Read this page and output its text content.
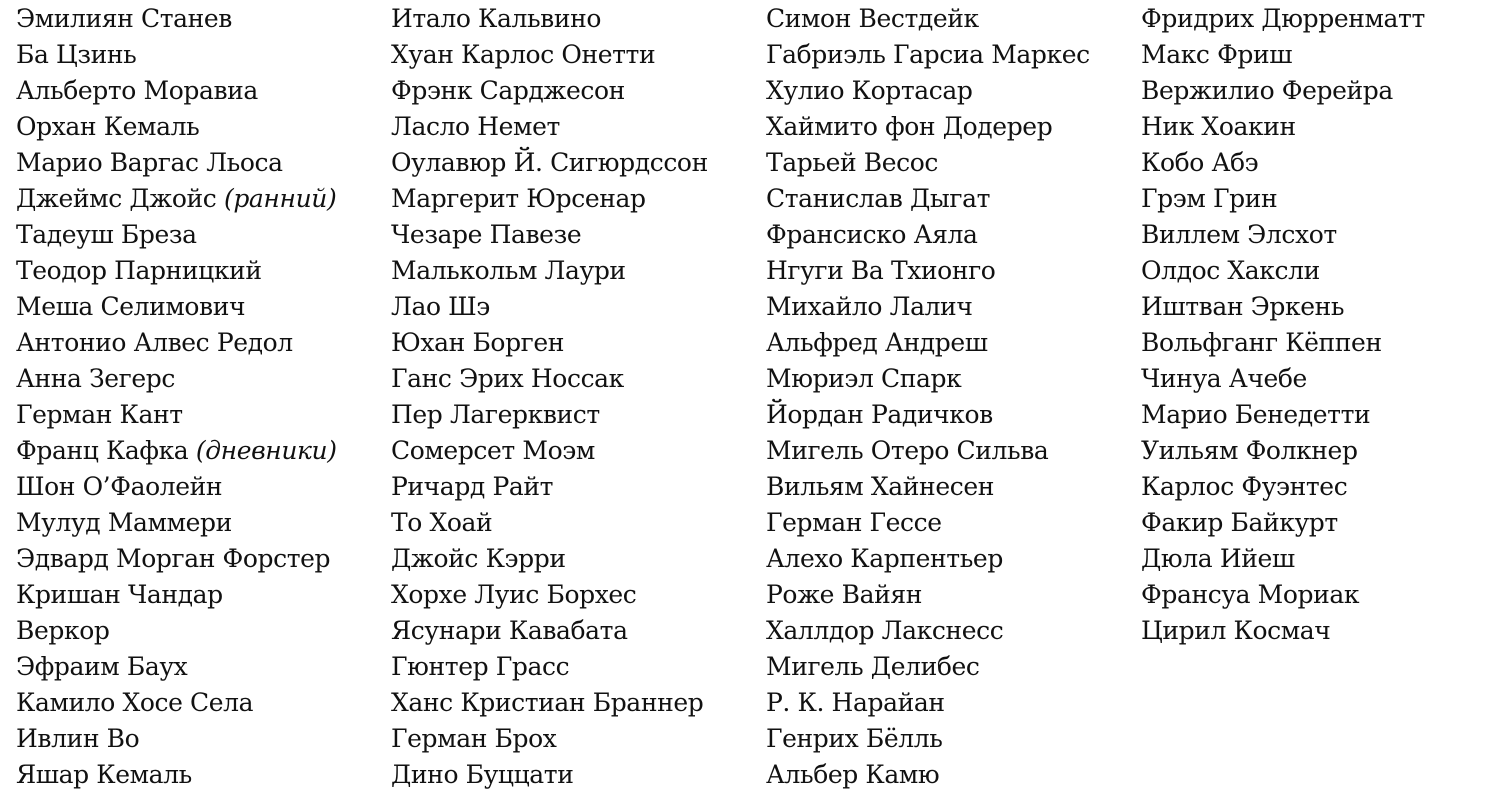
Эмилиян Станев
Ба Цзинь
Альберто Моравиа
Орхан Кемаль
Марио Варгас Льоса
Джеймс Джойс (ранний)
Тадеуш Бреза
Теодор Парницкий
Меша Селимович
Антонио Алвес Редол
Анна Зегерс
Герман Кант
Франц Кафка (дневники)
Шон О’Фаолейн
Мулуд Маммери
Эдвард Морган Форстер
Кришан Чандар
Веркор
Эфраим Баух
Камило Хосе Села
Ивлин Во
Яшар Кемаль
Итало Кальвино
Хуан Карлос Онетти
Фрэнк Сарджесон
Ласло Немет
Оулавюр Й. Сигюрдссон
Маргерит Юрсенар
Чезаре Павезе
Малькольм Лаури
Лао Шэ
Юхан Борген
Ганс Эрих Носсак
Пер Лагерквист
Сомерсет Моэм
Ричард Райт
То Хоай
Джойс Кэрри
Хорхе Луис Борхес
Ясунари Кавабата
Гюнтер Грасс
Ханс Кристиан Браннер
Герман Брох
Дино Буццати
Симон Вестдейк
Габриэль Гарсиа Маркес
Хулио Кортасар
Хаймито фон Додерер
Тарьей Весос
Станислав Дыгат
Франсиско Аяла
Нгуги Ва Тхионго
Михайло Лалич
Альфред Андреш
Мюриэл Спарк
Йордан Радичков
Мигель Отеро Сильва
Вильям Хайнесен
Герман Гессе
Алехо Карпентьер
Роже Вайян
Халлдор Лакснесс
Мигель Делибес
Р. К. Нарайан
Генрих Бёлль
Альбер Камю
Фридрих Дюрренматт
Макс Фриш
Вержилио Ферейра
Ник Хоакин
Кобо Абэ
Грэм Грин
Виллем Элсхот
Олдос Хаксли
Иштван Эркень
Вольфганг Кёппен
Чинуа Ачебе
Марио Бенедетти
Уильям Фолкнер
Карлос Фуэнтес
Факир Байкурт
Дюла Ийеш
Франсуа Мориак
Цирил Космач
